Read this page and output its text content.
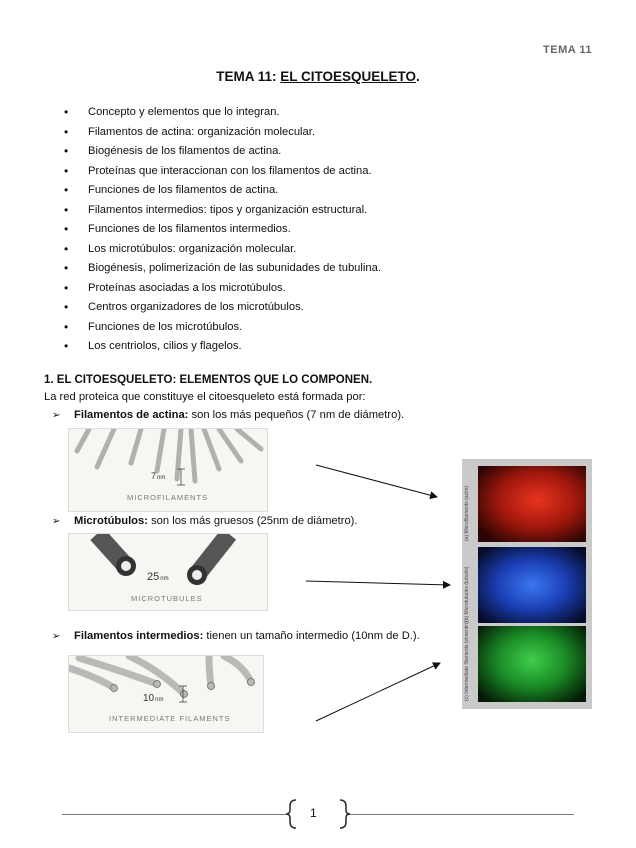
TEMA 11
TEMA 11: EL CITOESQUELETO.
• Concepto y elementos que lo integran.
• Filamentos de actina: organización molecular.
• Biogénesis de los filamentos de actina.
• Proteínas que interaccionan con los filamentos de actina.
• Funciones de los filamentos de actina.
• Filamentos intermedios: tipos y organización estructural.
• Funciones de los filamentos intermedios.
• Los microtúbulos: organización molecular.
• Biogénesis, polimerización de las subunidades de tubulina.
• Proteínas asociadas a los microtúbulos.
• Centros organizadores de los microtúbulos.
• Funciones de los microtúbulos.
• Los centriolos, cilios y flagelos.
1. EL CITOESQUELETO: ELEMENTOS QUE LO COMPONEN.
La red proteica que constituye el citoesqueleto está formada por:
➢ Filamentos de actina: son los más pequeños (7 nm de diámetro).
7nm
MICROFILAMENTS
➢ Microtúbulos: son los más gruesos (25nm de diámetro).
25nm
MICROTUBULES
➢ Filamentos intermedios: tienen un tamaño intermedio (10nm de D.).
10nm
INTERMEDIATE FILAMENTS
(a) Microfilaments (actin)
(b) Microtubules (tubulin)
(c) Intermediate filaments (vimentin)
1
